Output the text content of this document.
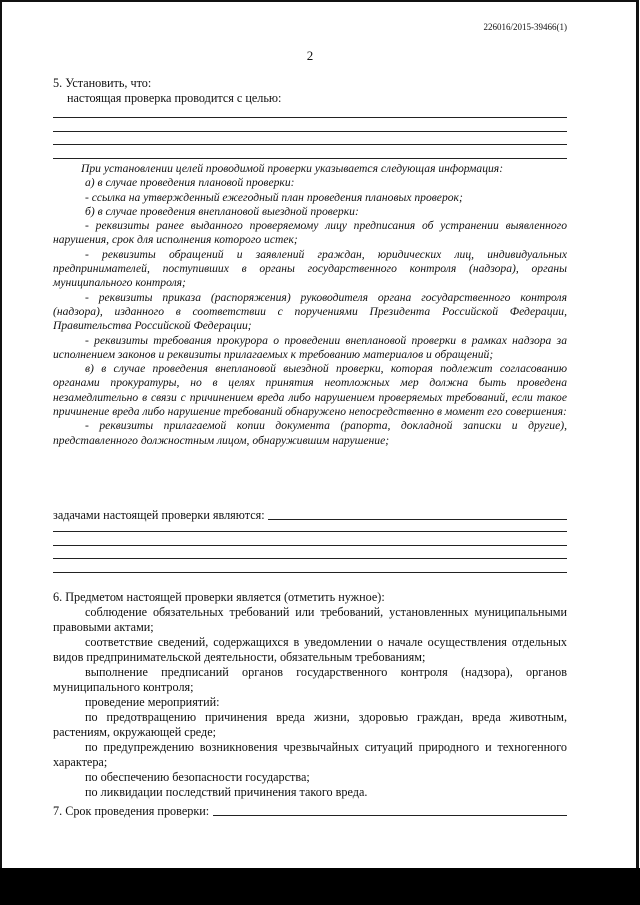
226016/2015-39466(1)
2

5. Установить, что:

настоящая проверка проводится с целью:

При установлении целей проводимой проверки указывается следующая информация:

а) в случае проведения плановой проверки:

- ссылка на утвержденный ежегодный план проведения плановых проверок;

б) в случае проведения внеплановой выездной проверки:

- реквизиты ранее выданного проверяемому лицу предписания об устранении выявленного нарушения, срок для исполнения которого истек;

- реквизиты обращений и заявлений граждан, юридических лиц, индивидуальных предпринимателей, поступивших в органы государственного контроля (надзора), органы муниципального контроля;

- реквизиты приказа (распоряжения) руководителя органа государственного контроля (надзора), изданного в соответствии с поручениями Президента Российской Федерации, Правительства Российской Федерации;

- реквизиты требования прокурора о проведении внеплановой проверки в рамках надзора за исполнением законов и реквизиты прилагаемых к требованию материалов и обращений;

в) в случае проведения внеплановой выездной проверки, которая подлежит согласованию органами прокуратуры, но в целях принятия неотложных мер должна быть проведена незамедлительно в связи с причинением вреда либо нарушением проверяемых требований, если такое причинение вреда либо нарушение требований обнаружено непосредственно в момент его совершения:

- реквизиты прилагаемой копии документа (рапорта, докладной записки и другие), представленного должностным лицом, обнаружившим нарушение;

задачами настоящей проверки являются:

6. Предметом настоящей проверки является (отметить нужное):

соблюдение обязательных требований или требований, установленных муниципальными правовыми актами;

соответствие сведений, содержащихся в уведомлении о начале осуществления отдельных видов предпринимательской деятельности, обязательным требованиям;

выполнение предписаний органов государственного контроля (надзора), органов муниципального контроля;

проведение мероприятий:

по предотвращению причинения вреда жизни, здоровью граждан, вреда животным, растениям, окружающей среде;

по предупреждению возникновения чрезвычайных ситуаций природного и техногенного характера;

по обеспечению безопасности государства;

по ликвидации последствий причинения такого вреда.

7. Срок проведения проверки:
